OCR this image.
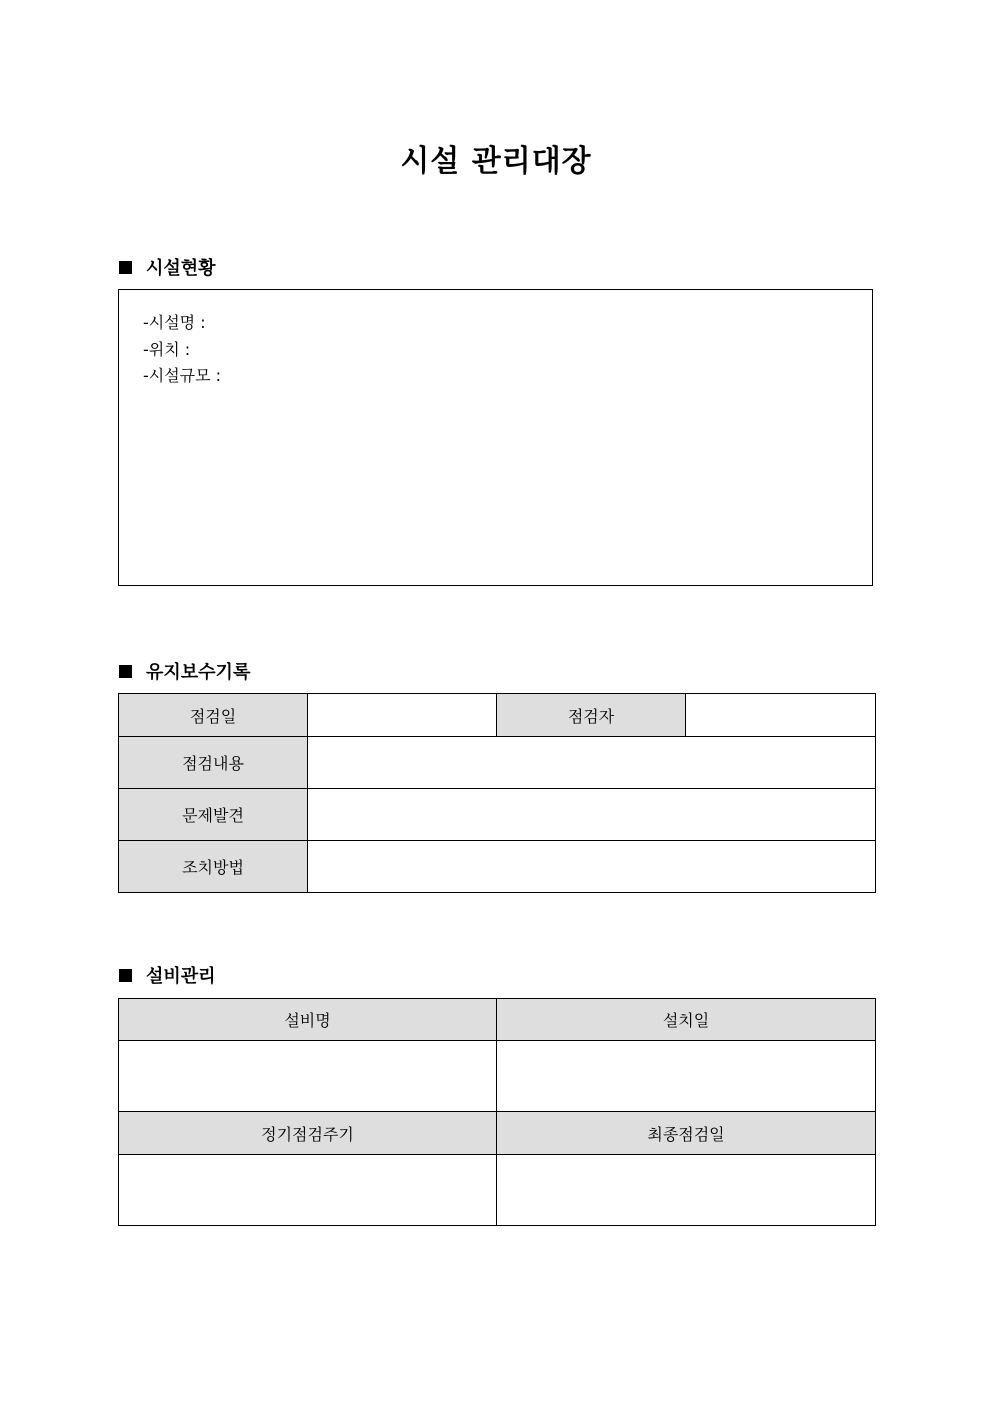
시설 관리대장
시설현황
-시설명 :
-위치 :
-시설규모 :
유지보수기록
점검일		점검자	
점검내용			
문제발견			
조치방법			
설비관리
설비명	설치일

정기점검주기	최종점검일
